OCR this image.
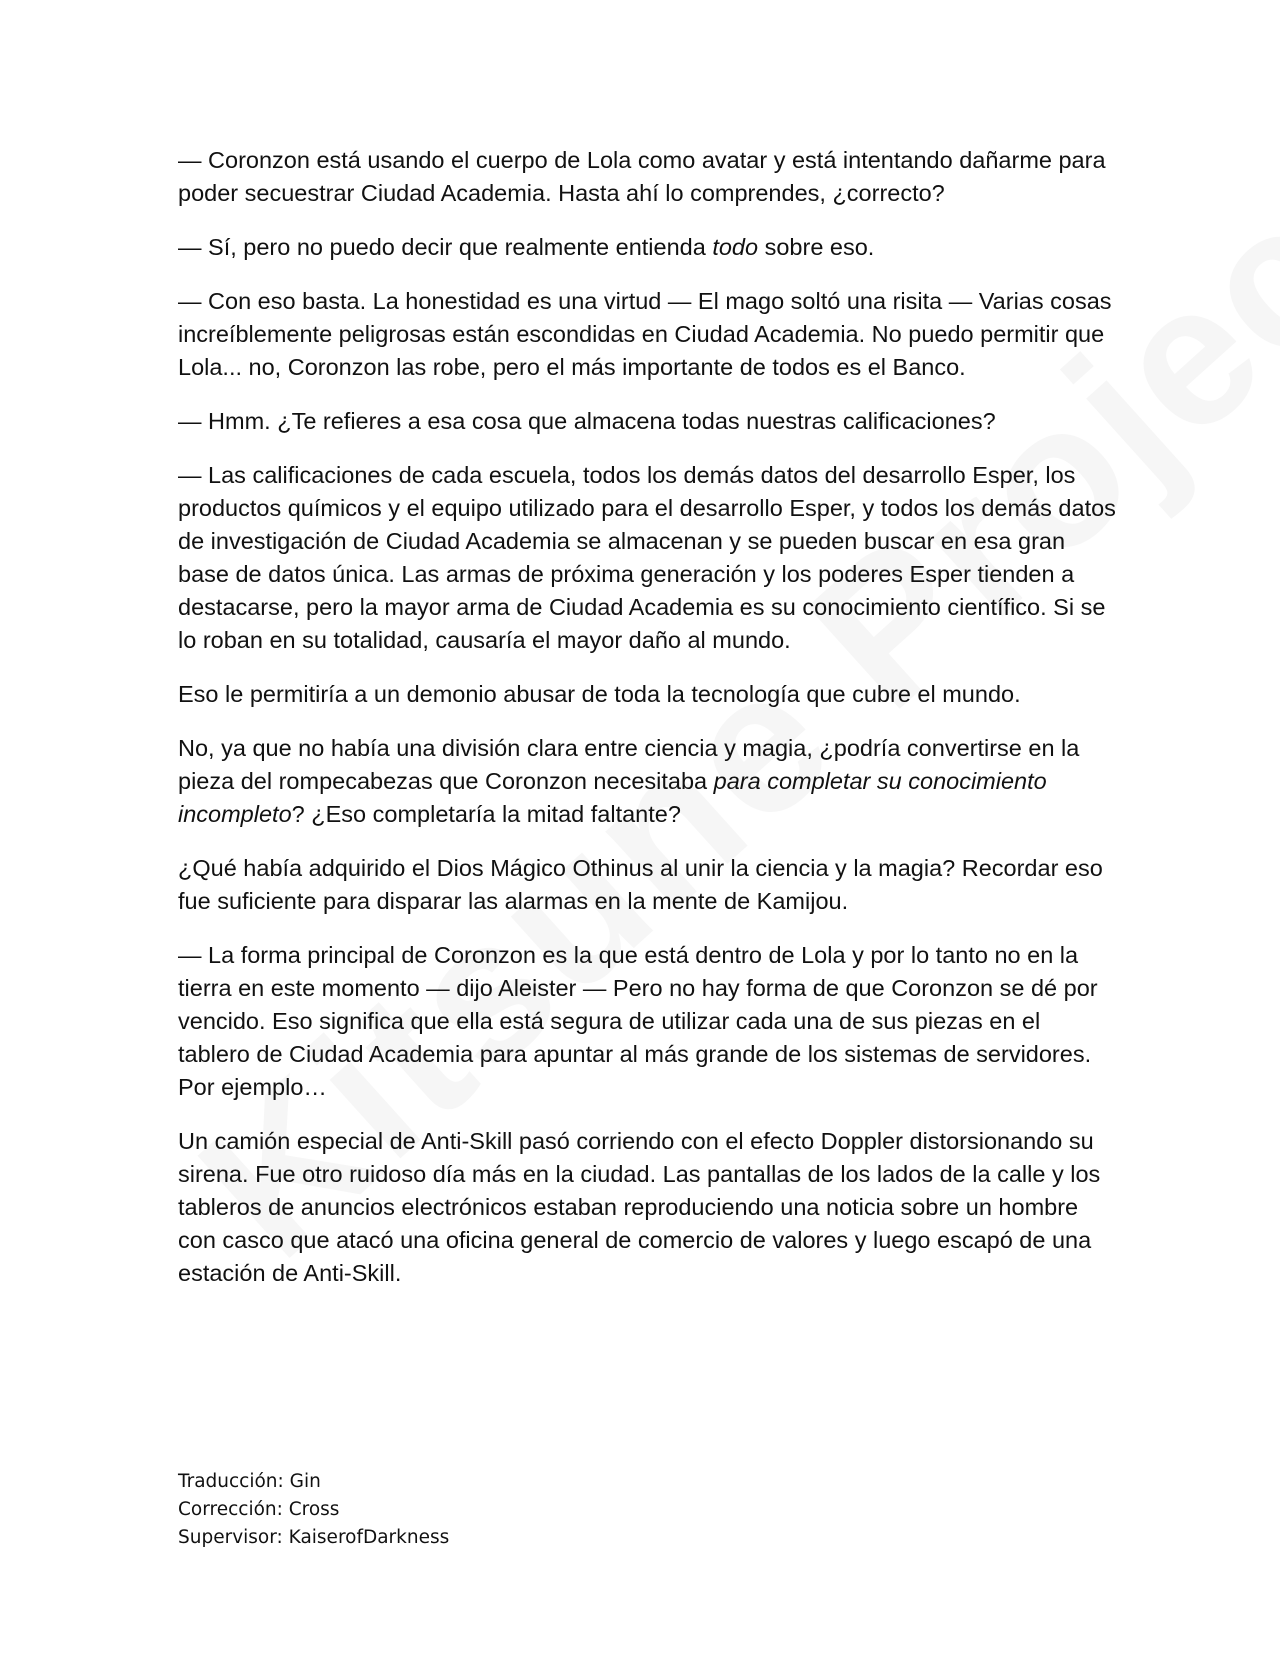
— Coronzon está usando el cuerpo de Lola como avatar y está intentando dañarme para poder secuestrar Ciudad Academia. Hasta ahí lo comprendes, ¿correcto?

— Sí, pero no puedo decir que realmente entienda todo sobre eso.

— Con eso basta. La honestidad es una virtud — El mago soltó una risita — Varias cosas increíblemente peligrosas están escondidas en Ciudad Academia. No puedo permitir que Lola... no, Coronzon las robe, pero el más importante de todos es el Banco.

— Hmm. ¿Te refieres a esa cosa que almacena todas nuestras calificaciones?

— Las calificaciones de cada escuela, todos los demás datos del desarrollo Esper, los productos químicos y el equipo utilizado para el desarrollo Esper, y todos los demás datos de investigación de Ciudad Academia se almacenan y se pueden buscar en esa gran base de datos única. Las armas de próxima generación y los poderes Esper tienden a destacarse, pero la mayor arma de Ciudad Academia es su conocimiento científico. Si se lo roban en su totalidad, causaría el mayor daño al mundo.

Eso le permitiría a un demonio abusar de toda la tecnología que cubre el mundo.

No, ya que no había una división clara entre ciencia y magia, ¿podría convertirse en la pieza del rompecabezas que Coronzon necesitaba para completar su conocimiento incompleto? ¿Eso completaría la mitad faltante?

¿Qué había adquirido el Dios Mágico Othinus al unir la ciencia y la magia? Recordar eso fue suficiente para disparar las alarmas en la mente de Kamijou.

— La forma principal de Coronzon es la que está dentro de Lola y por lo tanto no en la tierra en este momento — dijo Aleister — Pero no hay forma de que Coronzon se dé por vencido. Eso significa que ella está segura de utilizar cada una de sus piezas en el tablero de Ciudad Academia para apuntar al más grande de los sistemas de servidores. Por ejemplo…

Un camión especial de Anti-Skill pasó corriendo con el efecto Doppler distorsionando su sirena. Fue otro ruidoso día más en la ciudad. Las pantallas de los lados de la calle y los tableros de anuncios electrónicos estaban reproduciendo una noticia sobre un hombre con casco que atacó una oficina general de comercio de valores y luego escapó de una estación de Anti-Skill.

Traducción: Gin
Corrección: Cross
Supervisor: KaiserofDarkness
